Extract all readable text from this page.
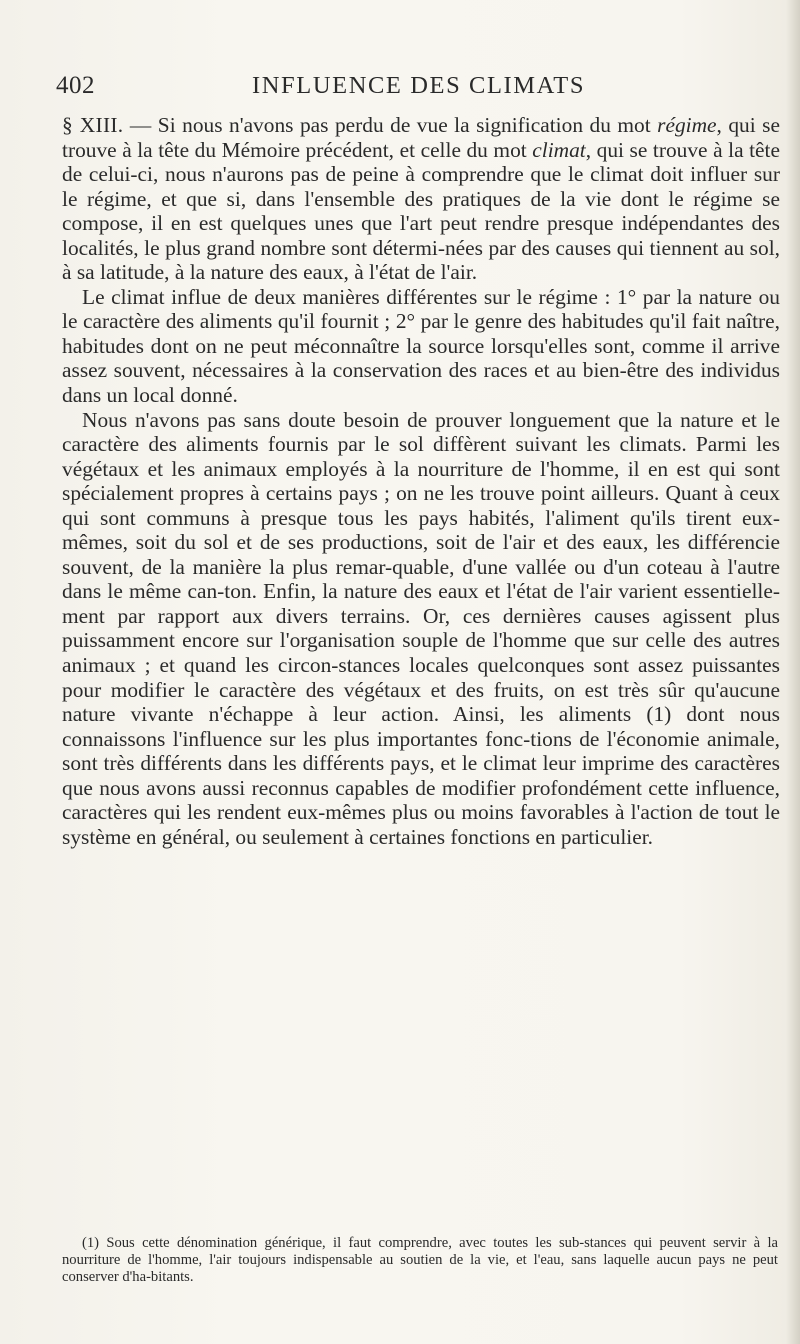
402	INFLUENCE DES CLIMATS

§ XIII. — Si nous n'avons pas perdu de vue la signification du mot régime, qui se trouve à la tête du Mémoire précédent, et celle du mot climat, qui se trouve à la tête de celui-ci, nous n'aurons pas de peine à comprendre que le climat doit influer sur le régime, et que si, dans l'ensemble des pratiques de la vie dont le régime se compose, il en est quelques unes que l'art peut rendre presque indépendantes des localités, le plus grand nombre sont détermi-nées par des causes qui tiennent au sol, à sa latitude, à la nature des eaux, à l'état de l'air.

Le climat influe de deux manières différentes sur le régime : 1° par la nature ou le caractère des aliments qu'il fournit ; 2° par le genre des habitudes qu'il fait naître, habitudes dont on ne peut méconnaître la source lorsqu'elles sont, comme il arrive assez souvent, nécessaires à la conservation des races et au bien-être des individus dans un local donné.

Nous n'avons pas sans doute besoin de prouver longuement que la nature et le caractère des aliments fournis par le sol diffèrent suivant les climats. Parmi les végétaux et les animaux employés à la nourriture de l'homme, il en est qui sont spécialement propres à certains pays ; on ne les trouve point ailleurs. Quant à ceux qui sont communs à presque tous les pays habités, l'aliment qu'ils tirent eux-mêmes, soit du sol et de ses productions, soit de l'air et des eaux, les différencie souvent, de la manière la plus remar-quable, d'une vallée ou d'un coteau à l'autre dans le même can-ton. Enfin, la nature des eaux et l'état de l'air varient essentielle-ment par rapport aux divers terrains. Or, ces dernières causes agissent plus puissamment encore sur l'organisation souple de l'homme que sur celle des autres animaux ; et quand les circon-stances locales quelconques sont assez puissantes pour modifier le caractère des végétaux et des fruits, on est très sûr qu'aucune nature vivante n'échappe à leur action. Ainsi, les aliments (1) dont nous connaissons l'influence sur les plus importantes fonc-tions de l'économie animale, sont très différents dans les différents pays, et le climat leur imprime des caractères que nous avons aussi reconnus capables de modifier profondément cette influence, caractères qui les rendent eux-mêmes plus ou moins favorables à l'action de tout le système en général, ou seulement à certaines fonctions en particulier.

(1) Sous cette dénomination générique, il faut comprendre, avec toutes les sub-stances qui peuvent servir à la nourriture de l'homme, l'air toujours indispensable au soutien de la vie, et l'eau, sans laquelle aucun pays ne peut conserver d'ha-bitants.
